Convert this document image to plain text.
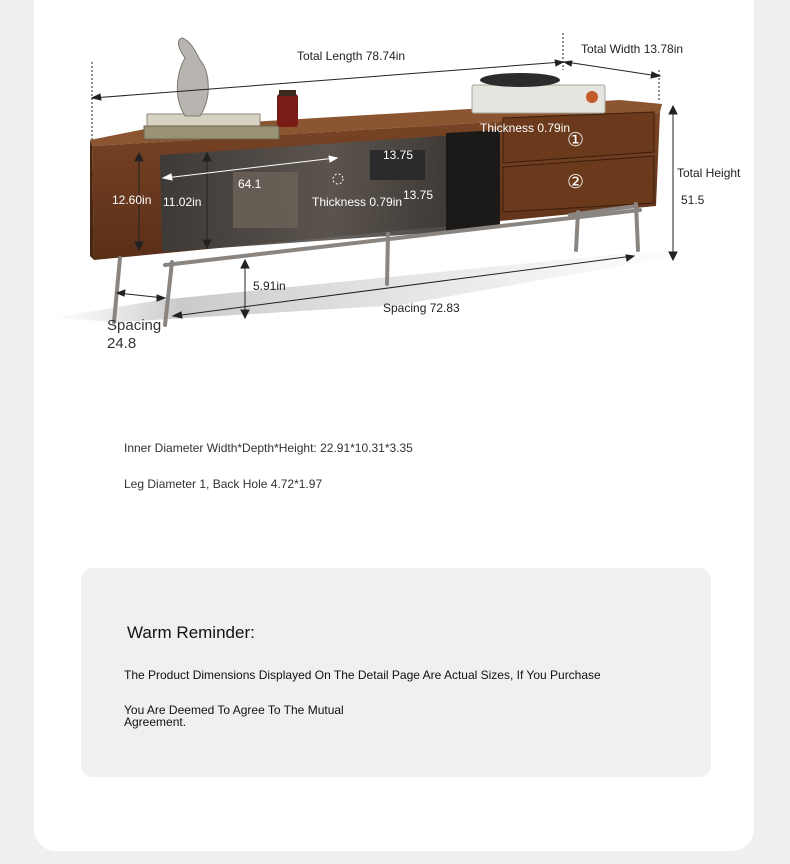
Total Length 78.74in	Total Width 13.78in
Thickness 0.79in
Total Height
51.5
12.60in 11.02in
64.1
13.75
Thickness 0.79in 13.75
①
②
5.91in
Spacing 72.83
Spacing
24.8
Inner Diameter Width*Depth*Height: 22.91*10.31*3.35
Leg Diameter 1, Back Hole 4.72*1.97
Warm Reminder:
The Product Dimensions Displayed On The Detail Page Are Actual Sizes, If You Purchase
You Are Deemed To Agree To The Mutual
Agreement.
